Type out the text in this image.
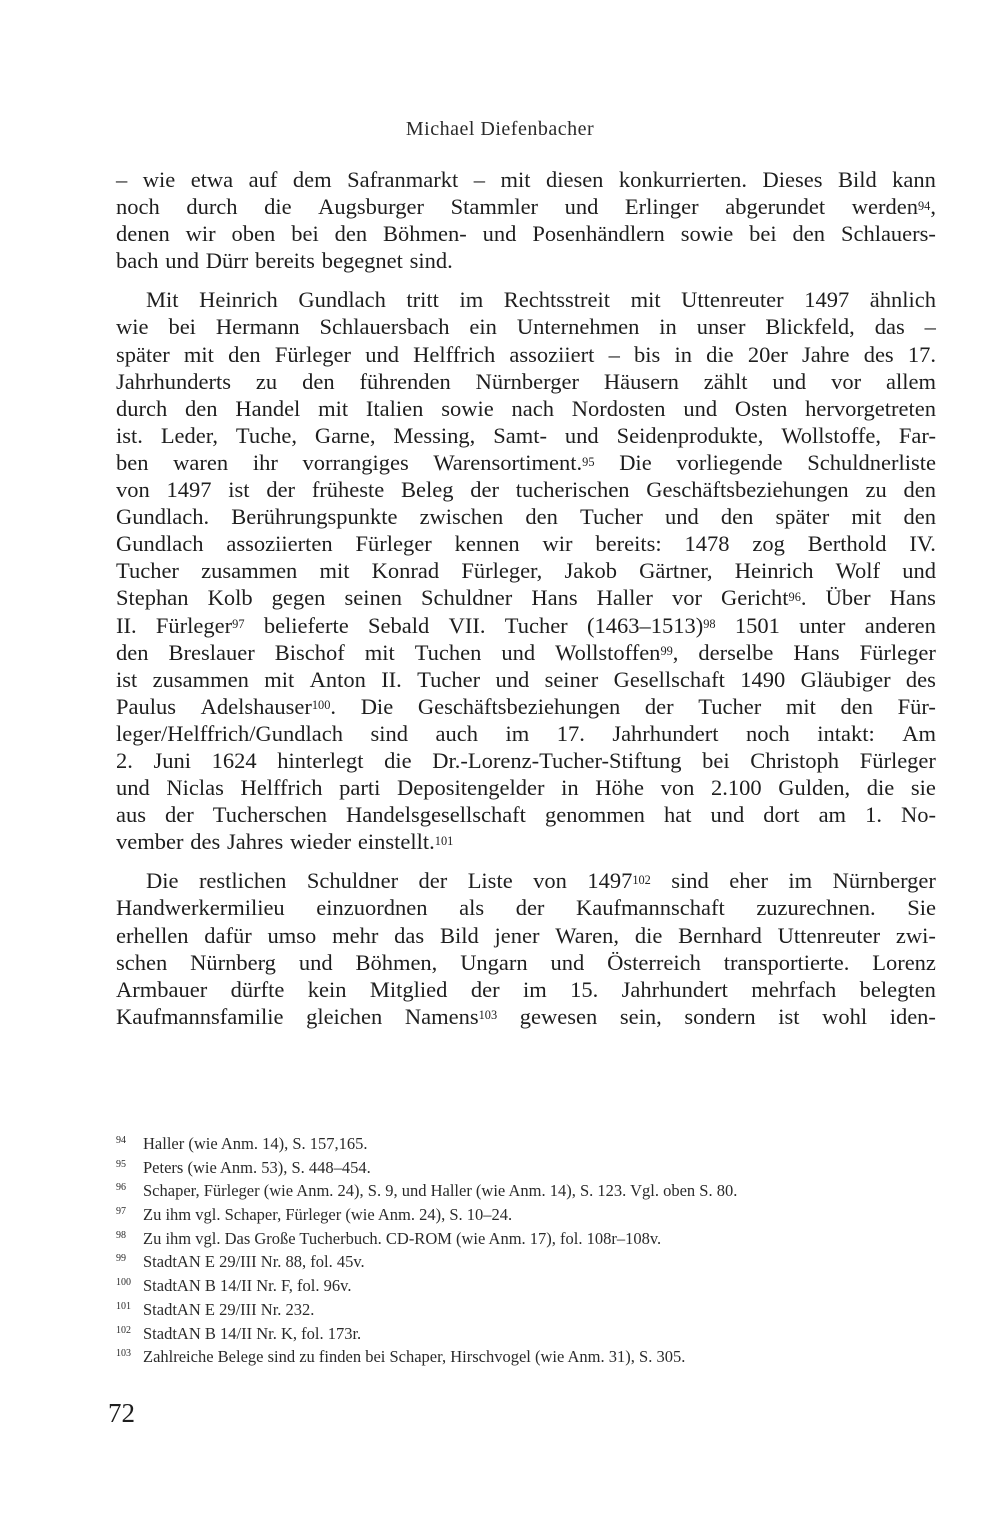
Michael Diefenbacher
– wie etwa auf dem Safranmarkt – mit diesen konkurrierten. Dieses Bild kann
noch durch die Augsburger Stammler und Erlinger abgerundet werden$^{94}$,
denen wir oben bei den Böhmen- und Posenhändlern sowie bei den Schlauers-
bach und Dürr bereits begegnet sind.
Mit Heinrich Gundlach tritt im Rechtsstreit mit Uttenreuter 1497 ähnlich
wie bei Hermann Schlauersbach ein Unternehmen in unser Blickfeld, das –
später mit den Fürleger und Helffrich assoziiert – bis in die 20er Jahre des 17.
Jahrhunderts zu den führenden Nürnberger Häusern zählt und vor allem
durch den Handel mit Italien sowie nach Nordosten und Osten hervorgetreten
ist. Leder, Tuche, Garne, Messing, Samt- und Seidenprodukte, Wollstoffe, Far-
ben waren ihr vorrangiges Warensortiment.$^{95}$ Die vorliegende Schuldnerliste
von 1497 ist der früheste Beleg der tucherischen Geschäftsbeziehungen zu den
Gundlach. Berührungspunkte zwischen den Tucher und den später mit den
Gundlach assoziierten Fürleger kennen wir bereits: 1478 zog Berthold IV.
Tucher zusammen mit Konrad Fürleger, Jakob Gärtner, Heinrich Wolf und
Stephan Kolb gegen seinen Schuldner Hans Haller vor Gericht$^{96}$. Über Hans
II. Fürleger$^{97}$ belieferte Sebald VII. Tucher (1463–1513)$^{98}$ 1501 unter anderen
den Breslauer Bischof mit Tuchen und Wollstoffen$^{99}$, derselbe Hans Fürleger
ist zusammen mit Anton II. Tucher und seiner Gesellschaft 1490 Gläubiger des
Paulus Adelshauser$^{100}$. Die Geschäftsbeziehungen der Tucher mit den Für-
leger/Helffrich/Gundlach sind auch im 17. Jahrhundert noch intakt: Am
2. Juni 1624 hinterlegt die Dr.-Lorenz-Tucher-Stiftung bei Christoph Fürleger
und Niclas Helffrich parti Depositengelder in Höhe von 2.100 Gulden, die sie
aus der Tucherschen Handelsgesellschaft genommen hat und dort am 1. No-
vember des Jahres wieder einstellt.$^{101}$
Die restlichen Schuldner der Liste von 1497$^{102}$ sind eher im Nürnberger
Handwerkermilieu einzuordnen als der Kaufmannschaft zuzurechnen. Sie
erhellen dafür umso mehr das Bild jener Waren, die Bernhard Uttenreuter zwi-
schen Nürnberg und Böhmen, Ungarn und Österreich transportierte. Lorenz
Armbauer dürfte kein Mitglied der im 15. Jahrhundert mehrfach belegten
Kaufmannsfamilie gleichen Namens$^{103}$ gewesen sein, sondern ist wohl iden-
94 Haller (wie Anm. 14), S. 157,165.
95 Peters (wie Anm. 53), S. 448–454.
96 Schaper, Fürleger (wie Anm. 24), S. 9, und Haller (wie Anm. 14), S. 123. Vgl. oben S. 80.
97 Zu ihm vgl. Schaper, Fürleger (wie Anm. 24), S. 10–24.
98 Zu ihm vgl. Das Große Tucherbuch. CD-ROM (wie Anm. 17), fol. 108r–108v.
99 StadtAN E 29/III Nr. 88, fol. 45v.
100 StadtAN B 14/II Nr. F, fol. 96v.
101 StadtAN E 29/III Nr. 232.
102 StadtAN B 14/II Nr. K, fol. 173r.
103 Zahlreiche Belege sind zu finden bei Schaper, Hirschvogel (wie Anm. 31), S. 305.
72
